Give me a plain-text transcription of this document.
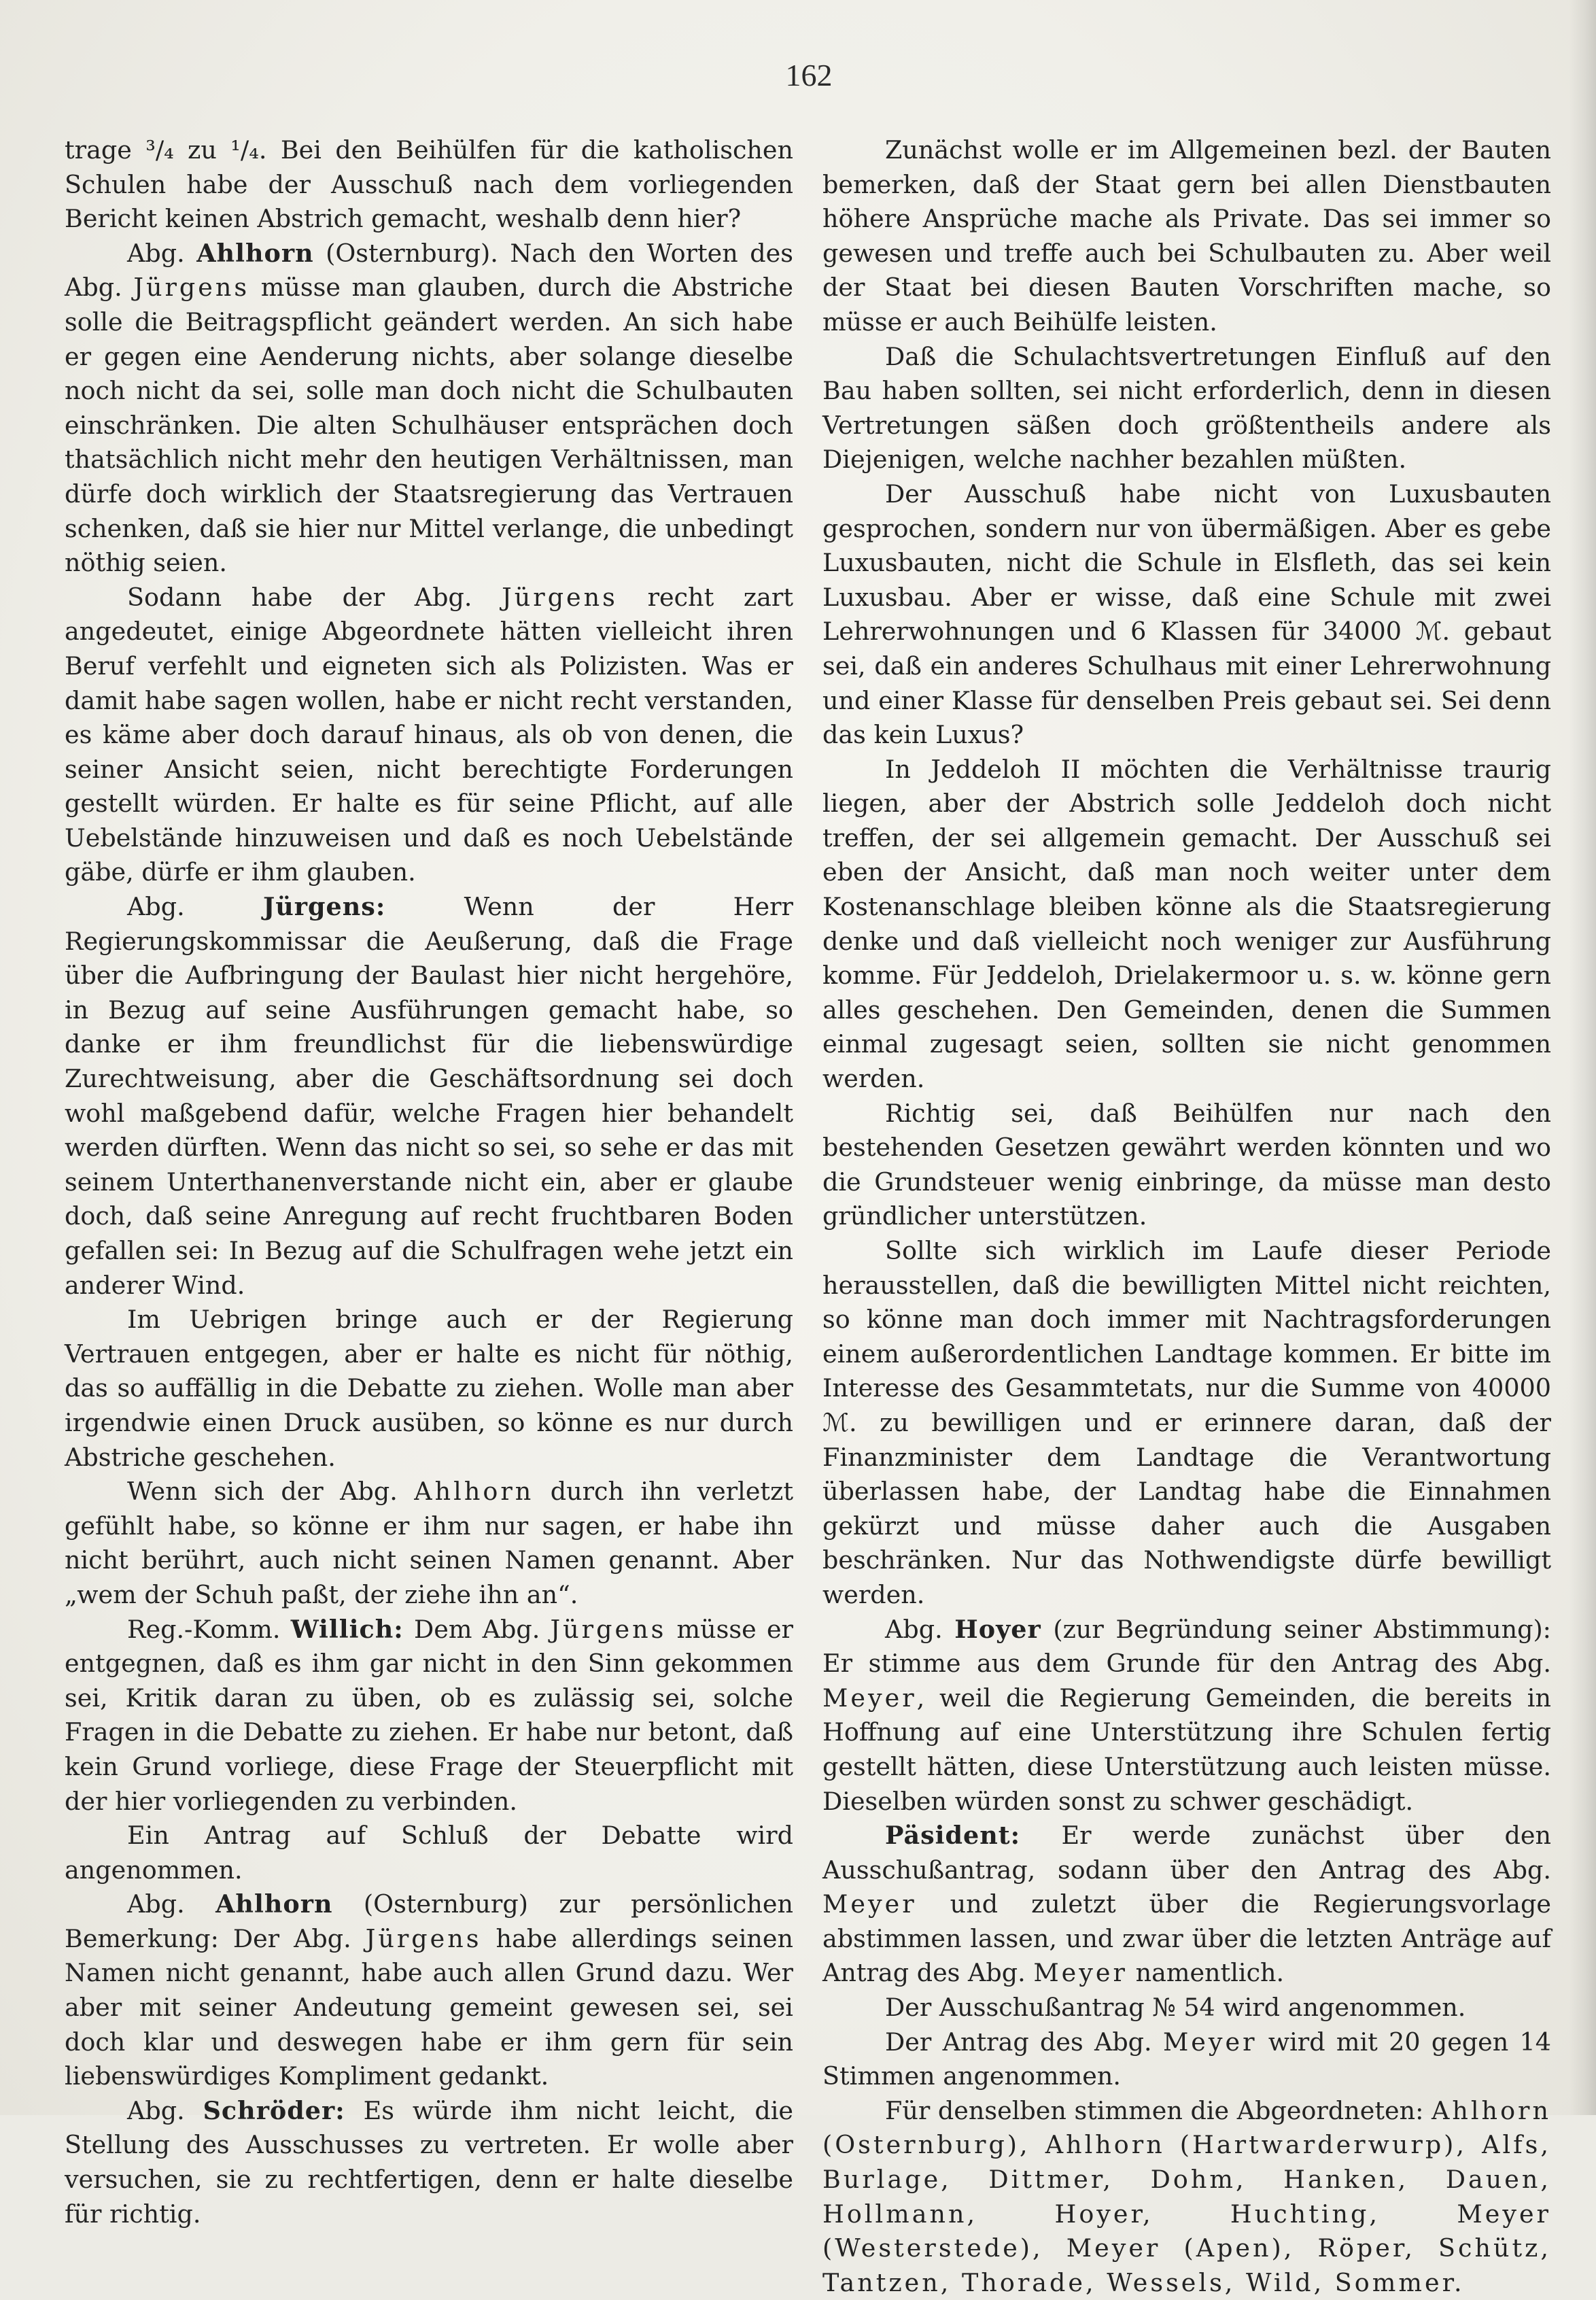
162

trage ³/₄ zu ¹/₄. Bei den Beihülfen für die katholischen Schulen habe der Ausschuß nach dem vorliegenden Bericht keinen Abstrich gemacht, weshalb denn hier?

Abg. Ahlhorn (Osternburg). Nach den Worten des Abg. Jürgens müsse man glauben, durch die Abstriche solle die Beitragspflicht geändert werden. An sich habe er gegen eine Aenderung nichts, aber solange dieselbe noch nicht da sei, solle man doch nicht die Schulbauten einschränken. Die alten Schulhäuser entsprächen doch thatsächlich nicht mehr den heutigen Verhältnissen, man dürfe doch wirklich der Staatsregierung das Vertrauen schenken, daß sie hier nur Mittel verlange, die unbedingt nöthig seien.

Sodann habe der Abg. Jürgens recht zart angedeutet, einige Abgeordnete hätten vielleicht ihren Beruf verfehlt und eigneten sich als Polizisten. Was er damit habe sagen wollen, habe er nicht recht verstanden, es käme aber doch darauf hinaus, als ob von denen, die seiner Ansicht seien, nicht berechtigte Forderungen gestellt würden. Er halte es für seine Pflicht, auf alle Uebelstände hinzuweisen und daß es noch Uebelstände gäbe, dürfe er ihm glauben.

Abg. Jürgens: Wenn der Herr Regierungskommissar die Aeußerung, daß die Frage über die Aufbringung der Baulast hier nicht hergehöre, in Bezug auf seine Ausführungen gemacht habe, so danke er ihm freundlichst für die liebenswürdige Zurechtweisung, aber die Geschäftsordnung sei doch wohl maßgebend dafür, welche Fragen hier behandelt werden dürften. Wenn das nicht so sei, so sehe er das mit seinem Unterthanenverstande nicht ein, aber er glaube doch, daß seine Anregung auf recht fruchtbaren Boden gefallen sei: In Bezug auf die Schulfragen wehe jetzt ein anderer Wind.

Im Uebrigen bringe auch er der Regierung Vertrauen entgegen, aber er halte es nicht für nöthig, das so auffällig in die Debatte zu ziehen. Wolle man aber irgendwie einen Druck ausüben, so könne es nur durch Abstriche geschehen.

Wenn sich der Abg. Ahlhorn durch ihn verletzt gefühlt habe, so könne er ihm nur sagen, er habe ihn nicht berührt, auch nicht seinen Namen genannt. Aber „wem der Schuh paßt, der ziehe ihn an“.

Reg.-Komm. Willich: Dem Abg. Jürgens müsse er entgegnen, daß es ihm gar nicht in den Sinn gekommen sei, Kritik daran zu üben, ob es zulässig sei, solche Fragen in die Debatte zu ziehen. Er habe nur betont, daß kein Grund vorliege, diese Frage der Steuerpflicht mit der hier vorliegenden zu verbinden.

Ein Antrag auf Schluß der Debatte wird angenommen.

Abg. Ahlhorn (Osternburg) zur persönlichen Bemerkung: Der Abg. Jürgens habe allerdings seinen Namen nicht genannt, habe auch allen Grund dazu. Wer aber mit seiner Andeutung gemeint gewesen sei, sei doch klar und deswegen habe er ihm gern für sein liebenswürdiges Kompliment gedankt.

Abg. Schröder: Es würde ihm nicht leicht, die Stellung des Ausschusses zu vertreten. Er wolle aber versuchen, sie zu rechtfertigen, denn er halte dieselbe für richtig.

Zunächst wolle er im Allgemeinen bezl. der Bauten bemerken, daß der Staat gern bei allen Dienstbauten höhere Ansprüche mache als Private. Das sei immer so gewesen und treffe auch bei Schulbauten zu. Aber weil der Staat bei diesen Bauten Vorschriften mache, so müsse er auch Beihülfe leisten.

Daß die Schulachtsvertretungen Einfluß auf den Bau haben sollten, sei nicht erforderlich, denn in diesen Vertretungen säßen doch größtentheils andere als Diejenigen, welche nachher bezahlen müßten.

Der Ausschuß habe nicht von Luxusbauten gesprochen, sondern nur von übermäßigen. Aber es gebe Luxusbauten, nicht die Schule in Elsfleth, das sei kein Luxusbau. Aber er wisse, daß eine Schule mit zwei Lehrerwohnungen und 6 Klassen für 34000 ℳ. gebaut sei, daß ein anderes Schulhaus mit einer Lehrerwohnung und einer Klasse für denselben Preis gebaut sei. Sei denn das kein Luxus?

In Jeddeloh II möchten die Verhältnisse traurig liegen, aber der Abstrich solle Jeddeloh doch nicht treffen, der sei allgemein gemacht. Der Ausschuß sei eben der Ansicht, daß man noch weiter unter dem Kostenanschlage bleiben könne als die Staatsregierung denke und daß vielleicht noch weniger zur Ausführung komme. Für Jeddeloh, Drielakermoor u. s. w. könne gern alles geschehen. Den Gemeinden, denen die Summen einmal zugesagt seien, sollten sie nicht genommen werden.

Richtig sei, daß Beihülfen nur nach den bestehenden Gesetzen gewährt werden könnten und wo die Grundsteuer wenig einbringe, da müsse man desto gründlicher unterstützen.

Sollte sich wirklich im Laufe dieser Periode herausstellen, daß die bewilligten Mittel nicht reichten, so könne man doch immer mit Nachtragsforderungen einem außerordentlichen Landtage kommen. Er bitte im Interesse des Gesammtetats, nur die Summe von 40000 ℳ. zu bewilligen und er erinnere daran, daß der Finanzminister dem Landtage die Verantwortung überlassen habe, der Landtag habe die Einnahmen gekürzt und müsse daher auch die Ausgaben beschränken. Nur das Nothwendigste dürfe bewilligt werden.

Abg. Hoyer (zur Begründung seiner Abstimmung): Er stimme aus dem Grunde für den Antrag des Abg. Meyer, weil die Regierung Gemeinden, die bereits in Hoffnung auf eine Unterstützung ihre Schulen fertig gestellt hätten, diese Unterstützung auch leisten müsse. Dieselben würden sonst zu schwer geschädigt.

Päsident: Er werde zunächst über den Ausschußantrag, sodann über den Antrag des Abg. Meyer und zuletzt über die Regierungsvorlage abstimmen lassen, und zwar über die letzten Anträge auf Antrag des Abg. Meyer namentlich.

Der Ausschußantrag № 54 wird angenommen.

Der Antrag des Abg. Meyer wird mit 20 gegen 14 Stimmen angenommen.

Für denselben stimmen die Abgeordneten: Ahlhorn (Osternburg), Ahlhorn (Hartwarderwurp), Alfs, Burlage, Dittmer, Dohm, Hanken, Dauen, Hollmann, Hoyer, Huchting, Meyer (Westerstede), Meyer (Apen), Röper, Schütz, Tantzen, Thorade, Wessels, Wild, Sommer.
